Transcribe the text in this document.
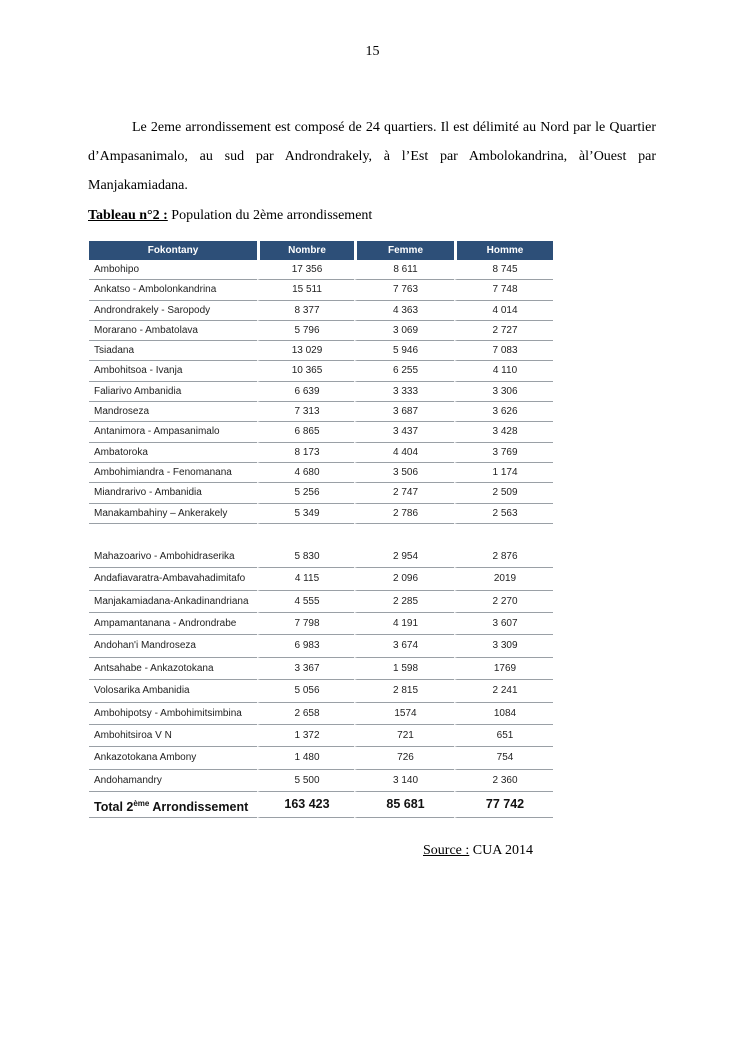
15

Le 2eme arrondissement est composé de 24 quartiers. Il est délimité au Nord par le Quartier d’Ampasanimalo, au sud par Androndrakely, à l’Est par Ambolokandrina, àl’Ouest par Manjakamiadana.

Tableau n°2 : Population du 2ème arrondissement
Fokontany	Nombre	Femme	Homme
Ambohipo	17 356	8 611	8 745
Ankatso - Ambolonkandrina	15 511	7 763	7 748
Androndrakely - Saropody	8 377	4 363	4 014
Morarano - Ambatolava	5 796	3 069	2 727
Tsiadana	13 029	5 946	7 083
Ambohitsoa - Ivanja	10 365	6 255	4 110
Faliarivo Ambanidia	6 639	3 333	3 306
Mandroseza	7 313	3 687	3 626
Antanimora - Ampasanimalo	6 865	3 437	3 428
Ambatoroka	8 173	4 404	3 769
Ambohimiandra - Fenomanana	4 680	3 506	1 174
Miandrarivo - Ambanidia	5 256	2 747	2 509
Manakambahiny – Ankerakely	5 349	2 786	2 563
Mahazoarivo - Ambohidraserika	5 830	2 954	2 876
Andafiavaratra-Ambavahadimitafo	4 115	2 096	2019
Manjakamiadana-Ankadinandriana	4 555	2 285	2 270
Ampamantanana - Androndrabe	7 798	4 191	3 607
Andohan'i Mandroseza	6 983	3 674	3 309
Antsahabe - Ankazotokana	3 367	1 598	1769
Volosarika Ambanidia	5 056	2 815	2 241
Ambohipotsy - Ambohimitsimbina	2 658	1574	1084
Ambohitsiroa V N	1 372	721	651
Ankazotokana Ambony	1 480	726	754
Andohamandry	5 500	3 140	2 360
Total 2ème Arrondissement	163 423	85 681	77 742
Source : CUA 2014
